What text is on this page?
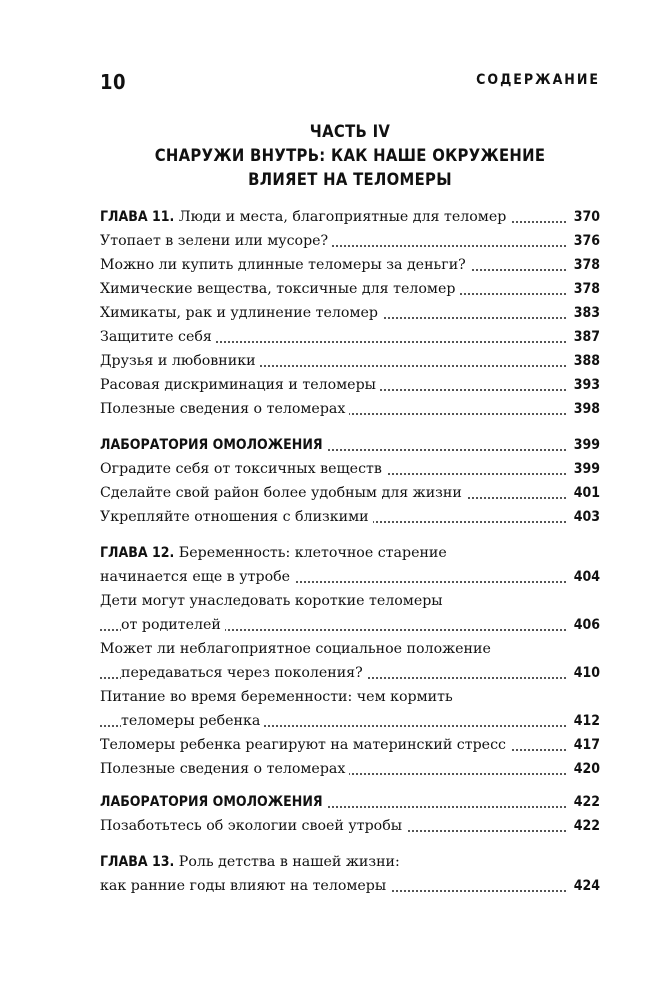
10	СОДЕРЖАНИЕ
ЧАСТЬ IV
СНАРУЖИ ВНУТРЬ: КАК НАШЕ ОКРУЖЕНИЕ
ВЛИЯЕТ НА ТЕЛОМЕРЫ
ГЛАВА 11. Люди и места, благоприятные для теломер	370
Утопает в зелени или мусоре?	376
Можно ли купить длинные теломеры за деньги?	378
Химические вещества, токсичные для теломер	378
Химикаты, рак и удлинение теломер	383
Защитите себя	387
Друзья и любовники	388
Расовая дискриминация и теломеры	393
Полезные сведения о теломерах	398
ЛАБОРАТОРИЯ ОМОЛОЖЕНИЯ	399
Оградите себя от токсичных веществ	399
Сделайте свой район более удобным для жизни	401
Укрепляйте отношения с близкими	403
ГЛАВА 12. Беременность: клеточное старение
начинается еще в утробе	404
Дети могут унаследовать короткие теломеры
от родителей	406
Может ли неблагоприятное социальное положение
передаваться через поколения?	410
Питание во время беременности: чем кормить
теломеры ребенка	412
Теломеры ребенка реагируют на материнский стресс	417
Полезные сведения о теломерах	420
ЛАБОРАТОРИЯ ОМОЛОЖЕНИЯ	422
Позаботьтесь об экологии своей утробы	422
ГЛАВА 13. Роль детства в нашей жизни:
как ранние годы влияют на теломеры	424
